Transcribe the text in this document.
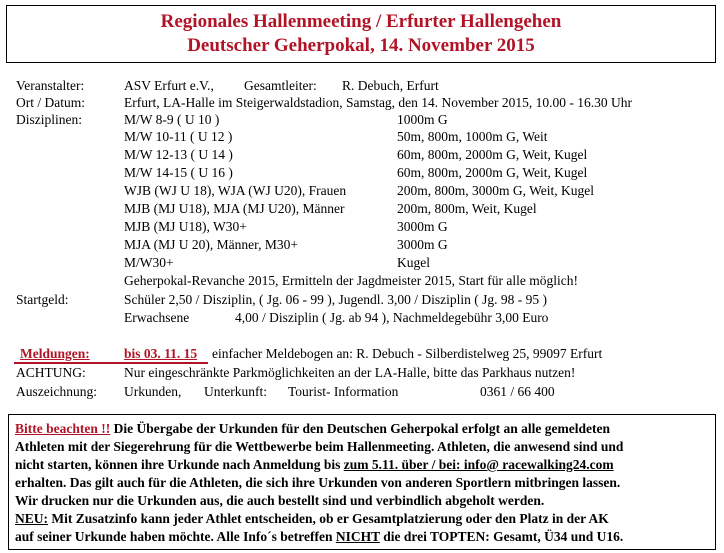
Regionales Hallenmeeting / Erfurter Hallengehen
Deutscher Geherpokal, 14. November 2015
Veranstalter:	ASV Erfurt e.V., Gesamtleiter: R. Debuch, Erfurt
Ort / Datum:	Erfurt, LA-Halle im Steigerwaldstadion, Samstag, den 14. November 2015, 10.00 - 16.30 Uhr
Disziplinen:	M/W 8-9 ( U 10 )	1000m G
M/W 10-11 ( U 12 )	50m, 800m, 1000m G, Weit
M/W 12-13 ( U 14 )	60m, 800m, 2000m G, Weit, Kugel
M/W 14-15 ( U 16 )	60m, 800m, 2000m G, Weit, Kugel
WJB (WJ U 18), WJA (WJ U20), Frauen	200m, 800m, 3000m G, Weit, Kugel
MJB (MJ U18), MJA (MJ U20), Männer	200m, 800m, Weit, Kugel
MJB (MJ U18), W30+	3000m G
MJA (MJ U 20), Männer, M30+	3000m G
M/W30+	Kugel
Geherpokal-Revanche 2015, Ermitteln der Jagdmeister 2015, Start für alle möglich!
Startgeld:	Schüler 2,50 / Disziplin, ( Jg. 06 - 99 ), Jugendl. 3,00 / Disziplin ( Jg. 98 - 95 )
Erwachsene	4,00 / Disziplin ( Jg. ab 94 ), Nachmeldegebühr 3,00 Euro
Meldungen:	bis 03. 11. 15 einfacher Meldebogen an: R. Debuch - Silberdistelweg 25, 99097 Erfurt
ACHTUNG:	Nur eingeschränkte Parkmöglichkeiten an der LA-Halle, bitte das Parkhaus nutzen!
Auszeichnung: Urkunden, Unterkunft: Tourist- Information	0361 / 66 400
Bitte beachten !! Die Übergabe der Urkunden für den Deutschen Geherpokal erfolgt an alle gemeldeten
Athleten mit der Siegerehrung für die Wettbewerbe beim Hallenmeeting. Athleten, die anwesend sind und
nicht starten, können ihre Urkunde nach Anmeldung bis zum 5.11. über / bei: info@ racewalking24.com
erhalten. Das gilt auch für die Athleten, die sich ihre Urkunden von anderen Sportlern mitbringen lassen.
Wir drucken nur die Urkunden aus, die auch bestellt sind und verbindlich abgeholt werden.
NEU: Mit Zusatzinfo kann jeder Athlet entscheiden, ob er Gesamtplatzierung oder den Platz in der AK
auf seiner Urkunde haben möchte. Alle Info´s betreffen NICHT die drei TOPTEN: Gesamt, Ü34 und U16.
